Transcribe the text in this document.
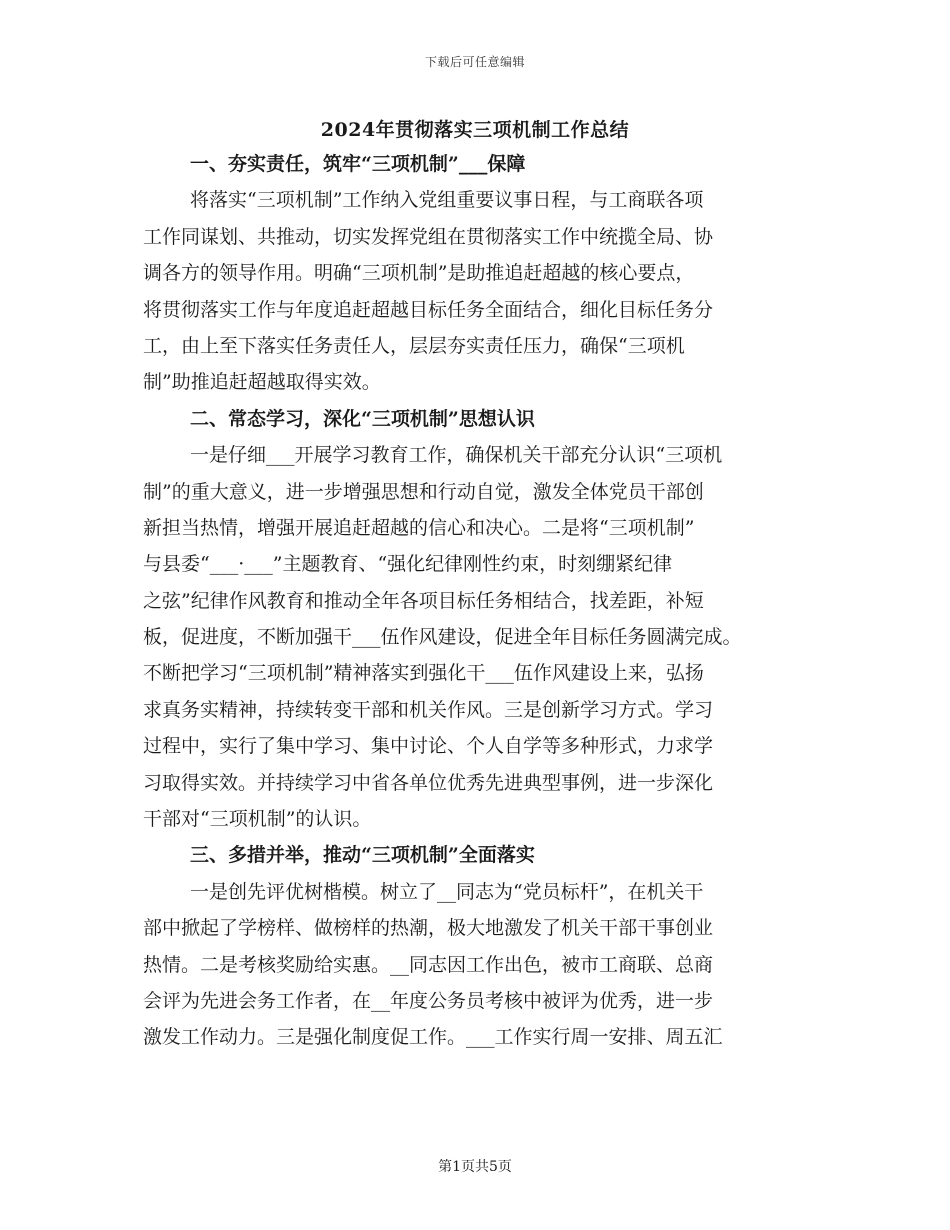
下载后可任意编辑
2024年贯彻落实三项机制工作总结
一、夯实责任，筑牢“三项机制”___保障
将落实“三项机制”工作纳入党组重要议事日程，与工商联各项
工作同谋划、共推动，切实发挥党组在贯彻落实工作中统揽全局、协
调各方的领导作用。明确“三项机制”是助推追赶超越的核心要点，
将贯彻落实工作与年度追赶超越目标任务全面结合，细化目标任务分
工，由上至下落实任务责任人，层层夯实责任压力，确保“三项机
制”助推追赶超越取得实效。
二、常态学习，深化“三项机制”思想认识
一是仔细___开展学习教育工作，确保机关干部充分认识“三项机
制”的重大意义，进一步增强思想和行动自觉，激发全体党员干部创
新担当热情，增强开展追赶超越的信心和决心。二是将“三项机制”
与县委“___·___”主题教育、“强化纪律刚性约束，时刻绷紧纪律
之弦”纪律作风教育和推动全年各项目标任务相结合，找差距，补短
板，促进度，不断加强干___伍作风建设，促进全年目标任务圆满完成。
不断把学习“三项机制”精神落实到强化干___伍作风建设上来，弘扬
求真务实精神，持续转变干部和机关作风。三是创新学习方式。学习
过程中，实行了集中学习、集中讨论、个人自学等多种形式，力求学
习取得实效。并持续学习中省各单位优秀先进典型事例，进一步深化
干部对“三项机制”的认识。
三、多措并举，推动“三项机制”全面落实
一是创先评优树楷模。树立了__同志为“党员标杆”，在机关干
部中掀起了学榜样、做榜样的热潮，极大地激发了机关干部干事创业
热情。二是考核奖励给实惠。__同志因工作出色，被市工商联、总商
会评为先进会务工作者，在__年度公务员考核中被评为优秀，进一步
激发工作动力。三是强化制度促工作。___工作实行周一安排、周五汇
第1页共5页
